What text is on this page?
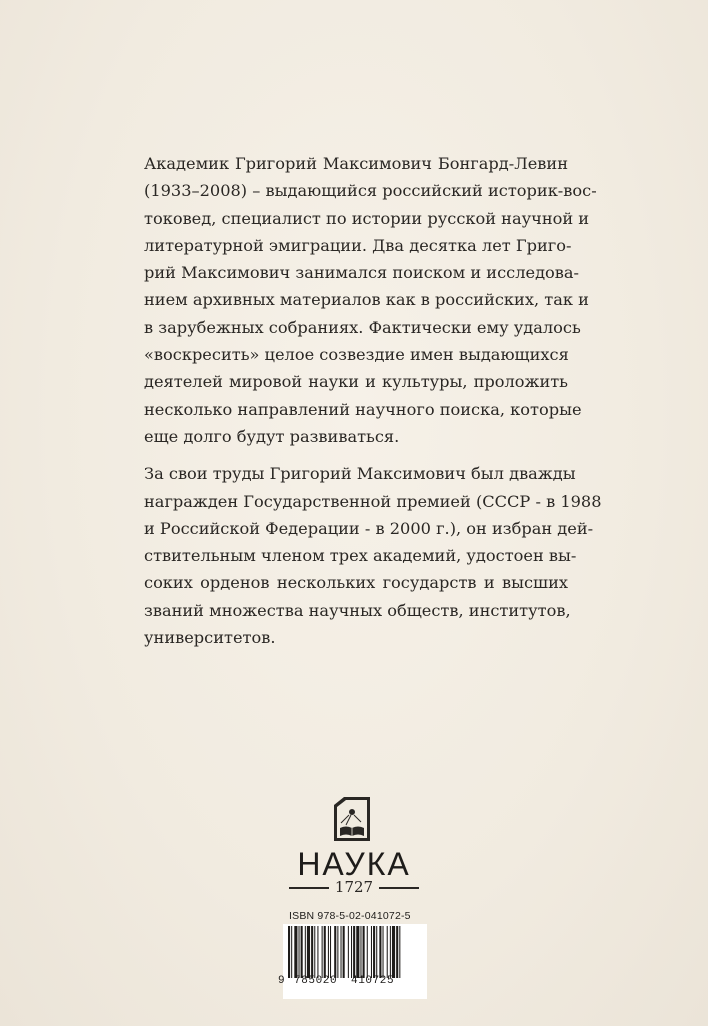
Академик Григорий Максимович Бонгард-Левин
(1933–2008) – выдающийся российский историк-вос-
токовед, специалист по истории русской научной и
литературной эмиграции. Два десятка лет Григо-
рий Максимович занимался поиском и исследова-
нием архивных материалов как в российских, так и
в зарубежных собраниях. Фактически ему удалось
«воскресить» целое созвездие имен выдающихся
деятелей мировой науки и культуры, проложить
несколько направлений научного поиска, которые
еще долго будут развиваться.

За свои труды Григорий Максимович был дважды
награжден Государственной премией (СССР - в 1988
и Российской Федерации - в 2000 г.), он избран дей-
ствительным членом трех академий, удостоен вы-
соких орденов нескольких государств и высших
званий множества научных обществ, институтов,
университетов.

НАУКА
1727
ISBN 978-5-02-041072-5
9 785020 410725
